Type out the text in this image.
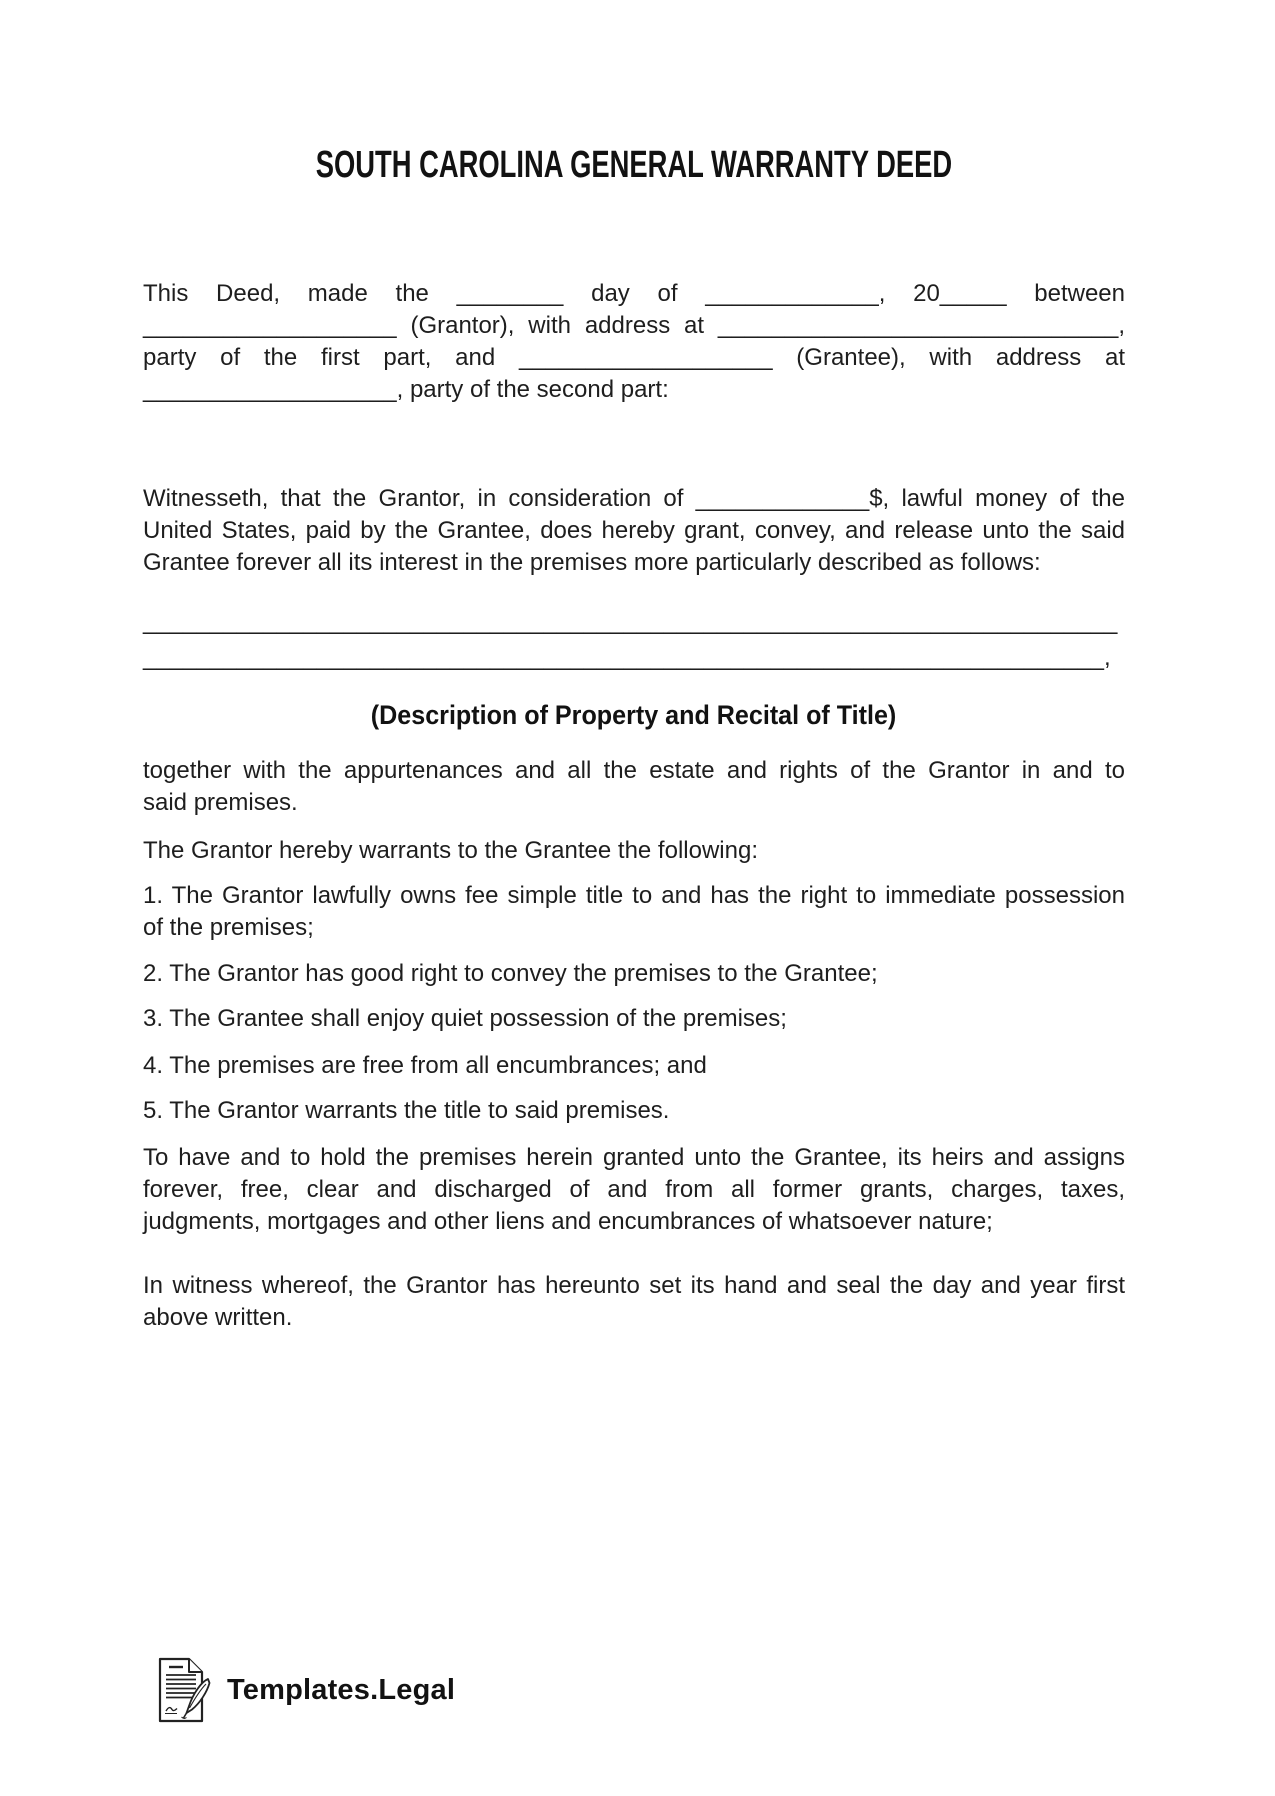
SOUTH CAROLINA GENERAL WARRANTY DEED
This Deed, made the ________ day of _____________, 20_____ between
___________________ (Grantor), with address at ______________________________,
party of the first part, and ___________________ (Grantee), with address at
___________________, party of the second part:
Witnesseth, that the Grantor, in consideration of _____________$, lawful money of the
United States, paid by the Grantee, does hereby grant, convey, and release unto the said
Grantee forever all its interest in the premises more particularly described as follows:
_________________________________________________________________________
________________________________________________________________________,
(Description of Property and Recital of Title)
together with the appurtenances and all the estate and rights of the Grantor in and to
said premises.
The Grantor hereby warrants to the Grantee the following:
1. The Grantor lawfully owns fee simple title to and has the right to immediate possession
of the premises;
2. The Grantor has good right to convey the premises to the Grantee;
3. The Grantee shall enjoy quiet possession of the premises;
4. The premises are free from all encumbrances; and
5. The Grantor warrants the title to said premises.
To have and to hold the premises herein granted unto the Grantee, its heirs and assigns
forever, free, clear and discharged of and from all former grants, charges, taxes,
judgments, mortgages and other liens and encumbrances of whatsoever nature;
In witness whereof, the Grantor has hereunto set its hand and seal the day and year first
above written.
Templates.Legal
